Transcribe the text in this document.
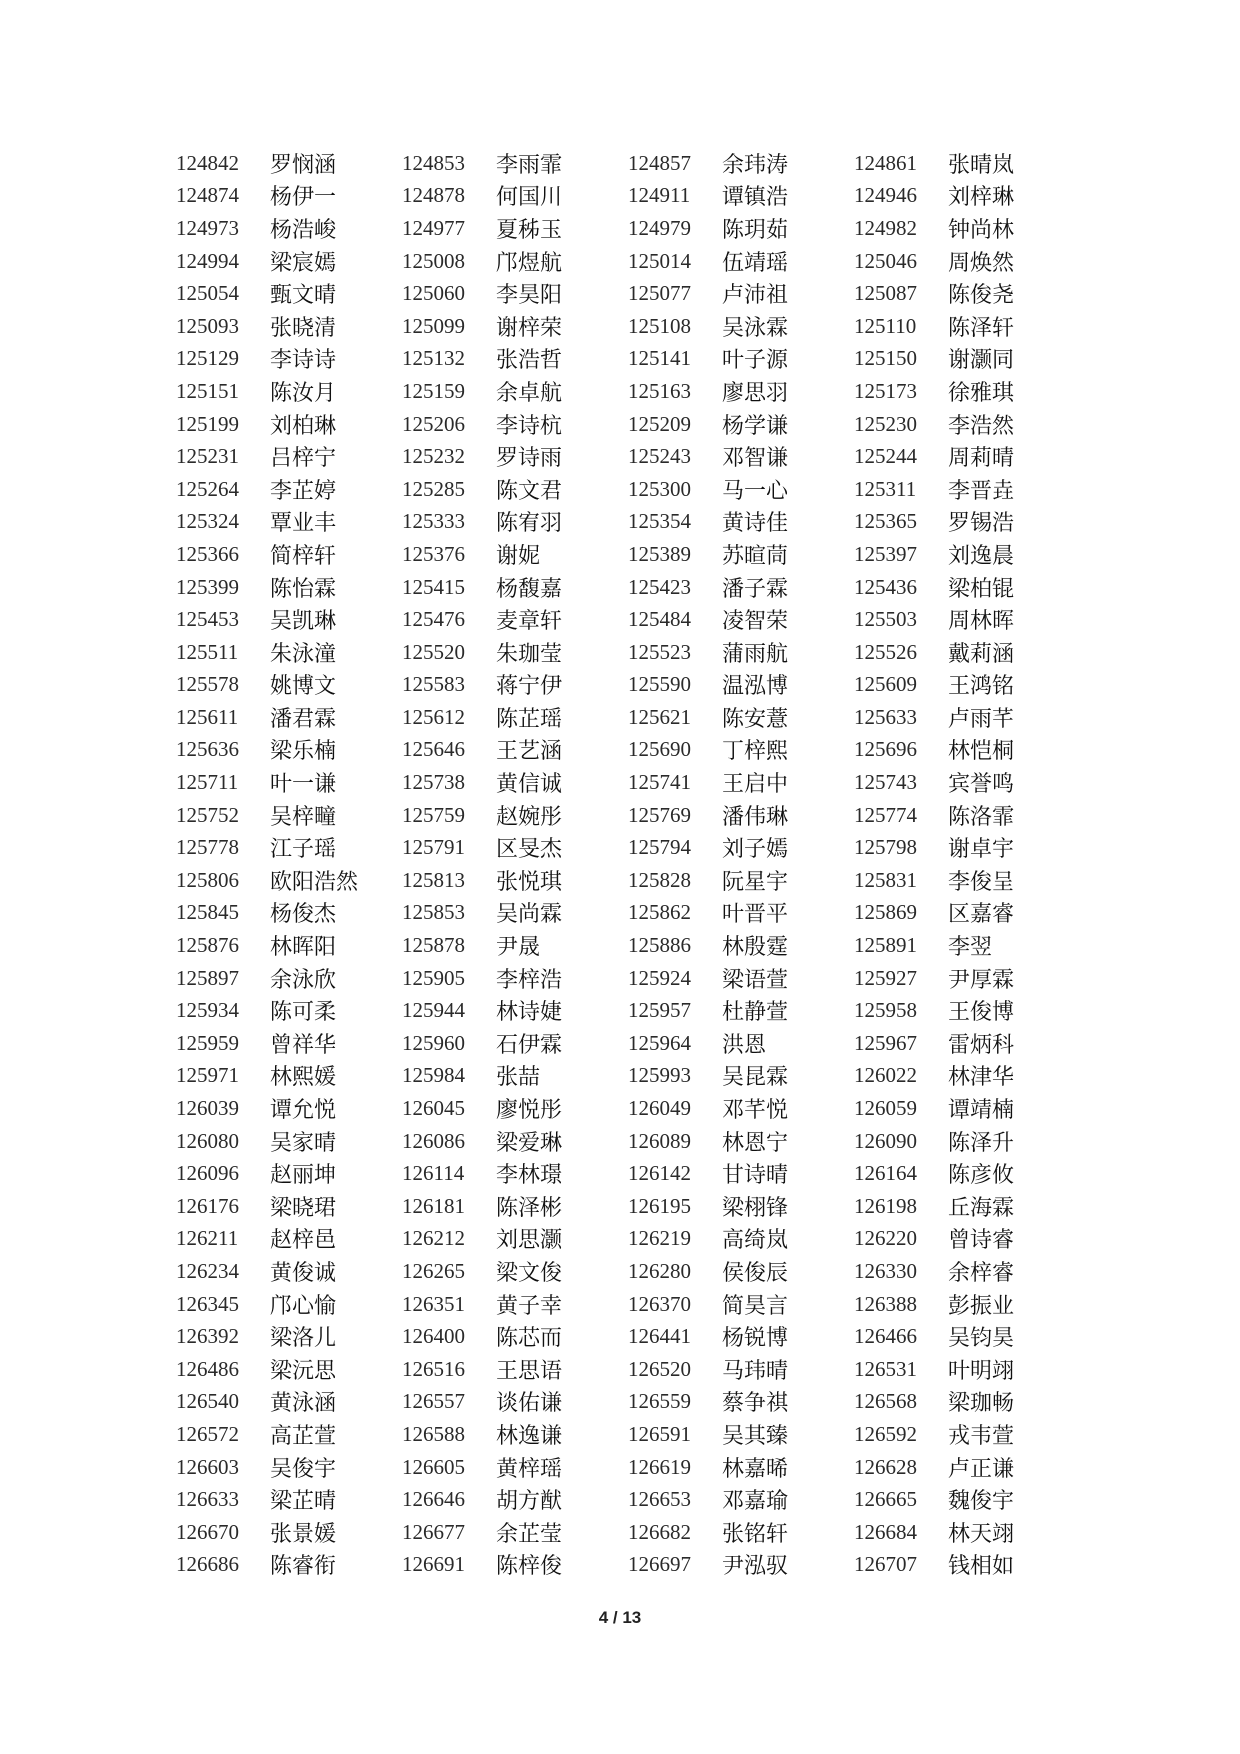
124842	罗悯涵	124853	李雨霏	124857	余玮涛	124861	张晴岚
124874	杨伊一	124878	何国川	124911	谭镇浩	124946	刘梓琳
124973	杨浩峻	124977	夏秭玉	124979	陈玥茹	124982	钟尚林
124994	梁宸嫣	125008	邝煜航	125014	伍靖瑶	125046	周焕然
125054	甄文晴	125060	李昊阳	125077	卢沛祖	125087	陈俊尧
125093	张晓清	125099	谢梓荣	125108	吴泳霖	125110	陈泽轩
125129	李诗诗	125132	张浩哲	125141	叶子源	125150	谢灏同
125151	陈汝月	125159	余卓航	125163	廖思羽	125173	徐雅琪
125199	刘柏琳	125206	李诗杭	125209	杨学谦	125230	李浩然
125231	吕梓宁	125232	罗诗雨	125243	邓智谦	125244	周莉晴
125264	李芷婷	125285	陈文君	125300	马一心	125311	李晋垚
125324	覃业丰	125333	陈宥羽	125354	黄诗佳	125365	罗锡浩
125366	简梓轩	125376	谢妮	125389	苏暄茼	125397	刘逸晨
125399	陈怡霖	125415	杨馥嘉	125423	潘子霖	125436	梁柏锟
125453	吴凯琳	125476	麦章轩	125484	凌智荣	125503	周林晖
125511	朱泳潼	125520	朱珈莹	125523	蒲雨航	125526	戴莉涵
125578	姚博文	125583	蒋宁伊	125590	温泓博	125609	王鸿铭
125611	潘君霖	125612	陈芷瑶	125621	陈安薏	125633	卢雨芊
125636	梁乐楠	125646	王艺涵	125690	丁梓熙	125696	林恺桐
125711	叶一谦	125738	黄信诚	125741	王启中	125743	宾誉鸣
125752	吴梓疃	125759	赵婉彤	125769	潘伟琳	125774	陈洛霏
125778	江子瑶	125791	区旻杰	125794	刘子嫣	125798	谢卓宇
125806	欧阳浩然 125813	张悦琪	125828	阮星宇	125831	李俊呈
125845	杨俊杰	125853	吴尚霖	125862	叶晋平	125869	区嘉睿
125876	林晖阳	125878	尹晟	125886	林殷霆	125891	李翌
125897	余泳欣	125905	李梓浩	125924	梁语萱	125927	尹厚霖
125934	陈可柔	125944	林诗婕	125957	杜静萱	125958	王俊博
125959	曾祥华	125960	石伊霖	125964	洪恩	125967	雷炳科
125971	林熙媛	125984	张喆	125993	吴昆霖	126022	林津华
126039	谭允悦	126045	廖悦彤	126049	邓芊悦	126059	谭靖楠
126080	吴家晴	126086	梁爱琳	126089	林恩宁	126090	陈泽升
126096	赵丽坤	126114	李林璟	126142	甘诗晴	126164	陈彦攸
126176	梁晓珺	126181	陈泽彬	126195	梁栩锋	126198	丘海霖
126211	赵梓邑	126212	刘思灏	126219	高绮岚	126220	曾诗睿
126234	黄俊诚	126265	梁文俊	126280	侯俊辰	126330	余梓睿
126345	邝心愉	126351	黄子幸	126370	简昊言	126388	彭振业
126392	梁洛儿	126400	陈芯而	126441	杨锐博	126466	吴钧昊
126486	梁沅思	126516	王思语	126520	马玮晴	126531	叶明翊
126540	黄泳涵	126557	谈佑谦	126559	蔡争祺	126568	梁珈畅
126572	高芷萱	126588	林逸谦	126591	吴其臻	126592	戎韦萱
126603	吴俊宇	126605	黄梓瑶	126619	林嘉晞	126628	卢正谦
126633	梁芷晴	126646	胡方猷	126653	邓嘉瑜	126665	魏俊宇
126670	张景媛	126677	余芷莹	126682	张铭轩	126684	林天翊
126686	陈睿衔	126691	陈梓俊	126697	尹泓驭	126707	钱相如
4 / 13
